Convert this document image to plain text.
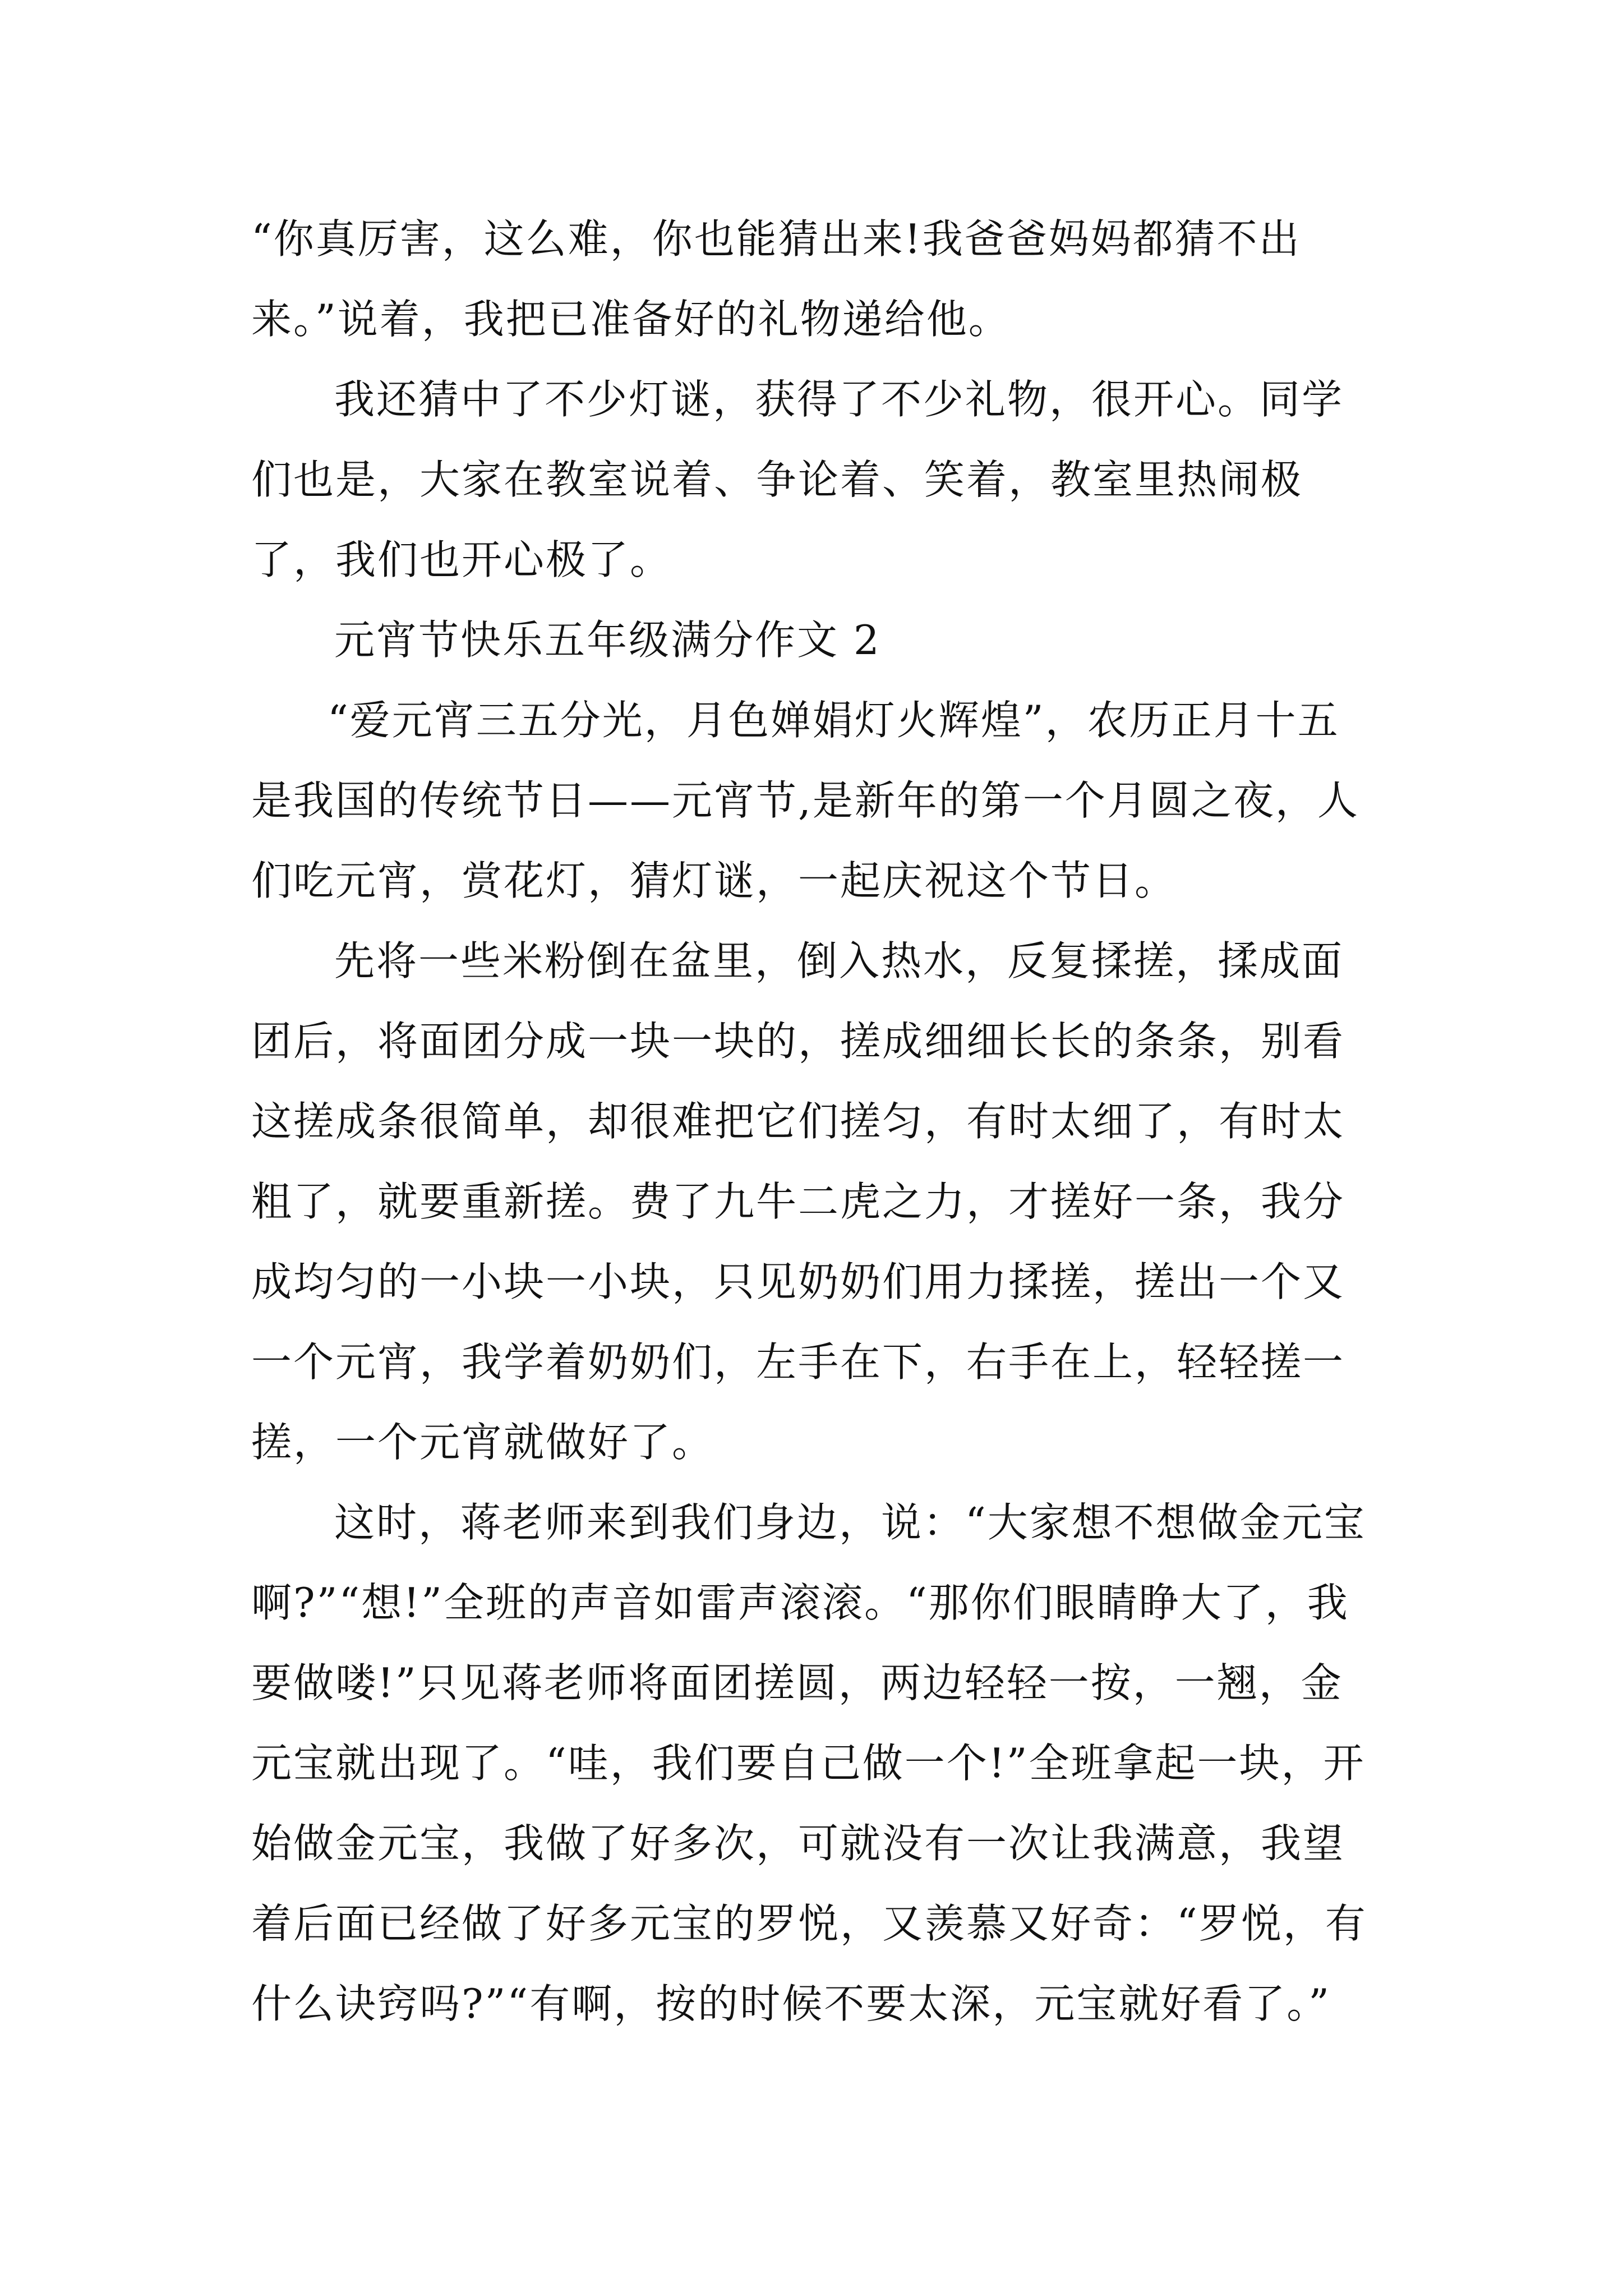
“你真厉害，这么难，你也能猜出来!我爸爸妈妈都猜不出来。”说着，我把已准备好的礼物递给他。

我还猜中了不少灯谜，获得了不少礼物，很开心。同学们也是，大家在教室说着、争论着、笑着，教室里热闹极了，我们也开心极了。

元宵节快乐五年级满分作文 2

“爱元宵三五分光，月色婵娟灯火辉煌”，农历正月十五是我国的传统节日——元宵节,是新年的第一个月圆之夜，人们吃元宵，赏花灯，猜灯谜，一起庆祝这个节日。

先将一些米粉倒在盆里，倒入热水，反复揉搓，揉成面团后，将面团分成一块一块的，搓成细细长长的条条，别看这搓成条很简单，却很难把它们搓匀，有时太细了，有时太粗了，就要重新搓。费了九牛二虎之力，才搓好一条，我分成均匀的一小块一小块，只见奶奶们用力揉搓，搓出一个又一个元宵，我学着奶奶们，左手在下，右手在上，轻轻搓一搓，一个元宵就做好了。

这时，蒋老师来到我们身边，说：“大家想不想做金元宝啊?”“想!”全班的声音如雷声滚滚。“那你们眼睛睁大了，我要做喽!”只见蒋老师将面团搓圆，两边轻轻一按，一翘，金元宝就出现了。“哇，我们要自己做一个!”全班拿起一块，开始做金元宝，我做了好多次，可就没有一次让我满意，我望着后面已经做了好多元宝的罗悦，又羡慕又好奇：“罗悦，有什么诀窍吗?”“有啊，按的时候不要太深，元宝就好看了。”
